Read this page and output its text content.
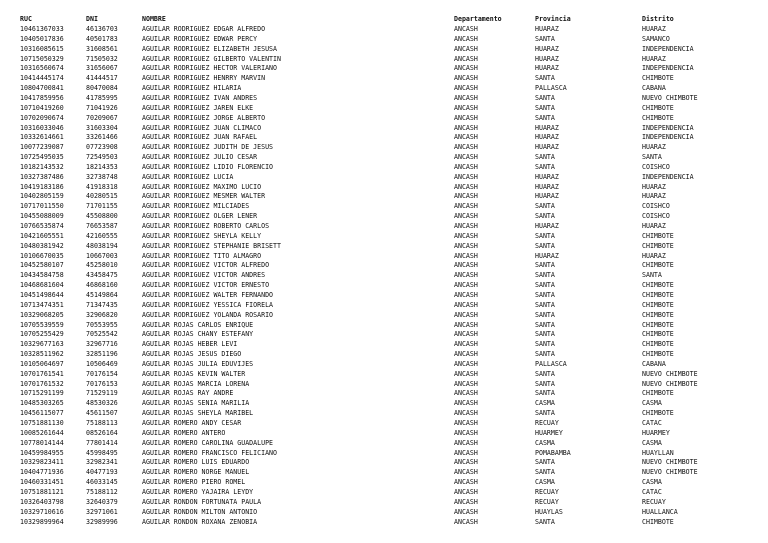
RUC	DNI	NOMBRE	Departamento	Provincia	Distrito
10461367033	46136703	AGUILAR RODRIGUEZ EDGAR ALFREDO	ANCASH	HUARAZ	HUARAZ
10405017836	40501783	AGUILAR RODRIGUEZ EDWAR PERCY	ANCASH	SANTA	SAMANCO
10316085615	31608561	AGUILAR RODRIGUEZ ELIZABETH JESUSA	ANCASH	HUARAZ	INDEPENDENCIA
10715050329	71505032	AGUILAR RODRIGUEZ GILBERTO VALENTIN	ANCASH	HUARAZ	HUARAZ
10316560674	31656067	AGUILAR RODRIGUEZ HECTOR VALERIANO	ANCASH	HUARAZ	INDEPENDENCIA
10414445174	41444517	AGUILAR RODRIGUEZ HENRRY MARVIN	ANCASH	SANTA	CHIMBOTE
10804700841	80470084	AGUILAR RODRIGUEZ HILARIA	ANCASH	PALLASCA	CABANA
10417859956	41785995	AGUILAR RODRIGUEZ IVAN ANDRES	ANCASH	SANTA	NUEVO CHIMBOTE
10710419260	71041926	AGUILAR RODRIGUEZ JAREN ELKE	ANCASH	SANTA	CHIMBOTE
10702090674	70209067	AGUILAR RODRIGUEZ JORGE ALBERTO	ANCASH	SANTA	CHIMBOTE
10316033046	31603304	AGUILAR RODRIGUEZ JUAN CLIMACO	ANCASH	HUARAZ	INDEPENDENCIA
10332614661	33261466	AGUILAR RODRIGUEZ JUAN RAFAEL	ANCASH	HUARAZ	INDEPENDENCIA
10077239087	07723908	AGUILAR RODRIGUEZ JUDITH DE JESUS	ANCASH	HUARAZ	HUARAZ
10725495035	72549503	AGUILAR RODRIGUEZ JULIO CESAR	ANCASH	SANTA	SANTA
10182143532	18214353	AGUILAR RODRIGUEZ LIDIO FLORENCIO	ANCASH	SANTA	COISHCO
10327387486	32738748	AGUILAR RODRIGUEZ LUCIA	ANCASH	HUARAZ	INDEPENDENCIA
10419183186	41918318	AGUILAR RODRIGUEZ MAXIMO LUCIO	ANCASH	HUARAZ	HUARAZ
10402805159	40280515	AGUILAR RODRIGUEZ MESMER WALTER	ANCASH	HUARAZ	HUARAZ
10717011550	71701155	AGUILAR RODRIGUEZ MILCIADES	ANCASH	SANTA	COISHCO
10455088009	45508800	AGUILAR RODRIGUEZ OLGER LENER	ANCASH	SANTA	COISHCO
10766535874	76653587	AGUILAR RODRIGUEZ ROBERTO CARLOS	ANCASH	HUARAZ	HUARAZ
10421605551	42160555	AGUILAR RODRIGUEZ SHEYLA KELLY	ANCASH	SANTA	CHIMBOTE
10480381942	48038194	AGUILAR RODRIGUEZ STEPHANIE BRISETT	ANCASH	SANTA	CHIMBOTE
10106670035	10667003	AGUILAR RODRIGUEZ TITO ALMAGRO	ANCASH	HUARAZ	HUARAZ
10452580107	45258010	AGUILAR RODRIGUEZ VICTOR ALFREDO	ANCASH	SANTA	CHIMBOTE
10434584758	43458475	AGUILAR RODRIGUEZ VICTOR ANDRES	ANCASH	SANTA	SANTA
10468681604	46868160	AGUILAR RODRIGUEZ VICTOR ERNESTO	ANCASH	SANTA	CHIMBOTE
10451498644	45149864	AGUILAR RODRIGUEZ WALTER FERNANDO	ANCASH	SANTA	CHIMBOTE
10713474351	71347435	AGUILAR RODRIGUEZ YESSICA FIORELA	ANCASH	SANTA	CHIMBOTE
10329068205	32906820	AGUILAR RODRIGUEZ YOLANDA ROSARIO	ANCASH	SANTA	CHIMBOTE
10705539559	70553955	AGUILAR ROJAS CARLOS ENRIQUE	ANCASH	SANTA	CHIMBOTE
10705255429	70525542	AGUILAR ROJAS CHANY ESTEFANY	ANCASH	SANTA	CHIMBOTE
10329677163	32967716	AGUILAR ROJAS HEBER LEVI	ANCASH	SANTA	CHIMBOTE
10328511962	32851196	AGUILAR ROJAS JESUS DIEGO	ANCASH	SANTA	CHIMBOTE
10105064697	10506469	AGUILAR ROJAS JULIA EDUVIJES	ANCASH	PALLASCA	CABANA
10701761541	70176154	AGUILAR ROJAS KEVIN WALTER	ANCASH	SANTA	NUEVO CHIMBOTE
10701761532	70176153	AGUILAR ROJAS MARCIA LORENA	ANCASH	SANTA	NUEVO CHIMBOTE
10715291199	71529119	AGUILAR ROJAS RAY ANDRE	ANCASH	SANTA	CHIMBOTE
10485303265	48530326	AGUILAR ROJAS SENIA MARILIA	ANCASH	CASMA	CASMA
10456115077	45611507	AGUILAR ROJAS SHEYLA MARIBEL	ANCASH	SANTA	CHIMBOTE
10751881130	75188113	AGUILAR ROMERO ANDY CESAR	ANCASH	RECUAY	CATAC
10085261644	08526164	AGUILAR ROMERO ANTERO	ANCASH	HUARMEY	HUARMEY
10778014144	77801414	AGUILAR ROMERO CAROLINA GUADALUPE	ANCASH	CASMA	CASMA
10459984955	45998495	AGUILAR ROMERO FRANCISCO FELICIANO	ANCASH	POMABAMBA	HUAYLLAN
10329823411	32982341	AGUILAR ROMERO LUIS EDUARDO	ANCASH	SANTA	NUEVO CHIMBOTE
10404771936	40477193	AGUILAR ROMERO NORGE MANUEL	ANCASH	SANTA	NUEVO CHIMBOTE
10460331451	46033145	AGUILAR ROMERO PIERO ROMEL	ANCASH	CASMA	CASMA
10751881121	75188112	AGUILAR ROMERO YAJAIRA LEYDY	ANCASH	RECUAY	CATAC
10326403798	32640379	AGUILAR RONDON FORTUNATA PAULA	ANCASH	RECUAY	RECUAY
10329710616	32971061	AGUILAR RONDON MILTON ANTONIO	ANCASH	HUAYLAS	HUALLANCA
10329899964	32989996	AGUILAR RONDON ROXANA ZENOBIA	ANCASH	SANTA	CHIMBOTE
